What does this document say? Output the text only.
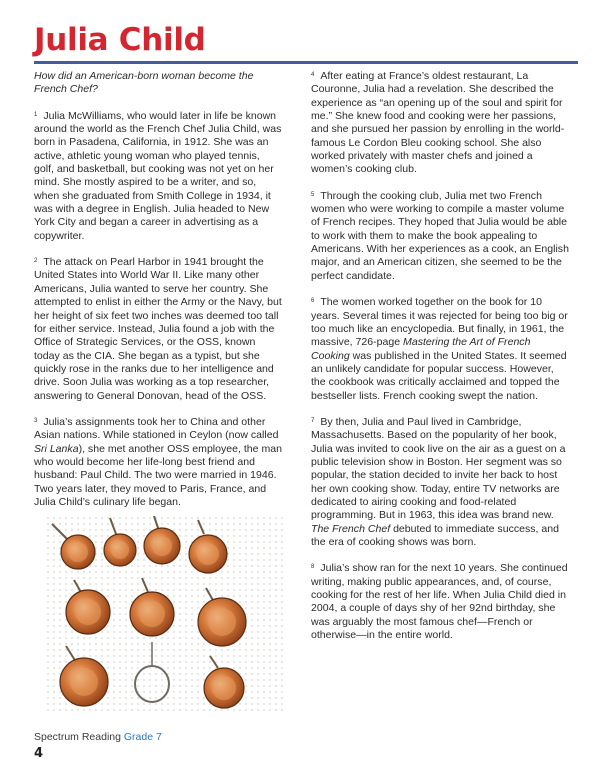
Julia Child

How did an American-born woman become the French Chef?

$^1$ Julia McWilliams, who would later in life be known around the world as the French Chef Julia Child, was born in Pasadena, California, in 1912. She was an active, athletic young woman who played tennis, golf, and basketball, but cooking was not yet on her mind. She mostly aspired to be a writer, and so, when she graduated from Smith College in 1934, it was with a degree in English. Julia headed to New York City and began a career in advertising as a copywriter.

$^2$ The attack on Pearl Harbor in 1941 brought the United States into World War II. Like many other Americans, Julia wanted to serve her country. She attempted to enlist in either the Army or the Navy, but her height of six feet two inches was deemed too tall for either service. Instead, Julia found a job with the Office of Strategic Services, or the OSS, known today as the CIA. She began as a typist, but she quickly rose in the ranks due to her intelligence and drive. Soon Julia was working as a top researcher, answering to General Donovan, head of the OSS.

$^3$ Julia’s assignments took her to China and other Asian nations. While stationed in Ceylon (now called Sri Lanka), she met another OSS employee, the man who would become her life-long best friend and husband: Paul Child. The two were married in 1946. Two years later, they moved to Paris, France, and Julia Child’s culinary life began.

$^4$ After eating at France’s oldest restaurant, La Couronne, Julia had a revelation. She described the experience as “an opening up of the soul and spirit for me.” She knew food and cooking were her passions, and she pursued her passion by enrolling in the world-famous Le Cordon Bleu cooking school. She also worked privately with master chefs and joined a women’s cooking club.

$^5$ Through the cooking club, Julia met two French women who were working to compile a master volume of French recipes. They hoped that Julia would be able to work with them to make the book appealing to Americans. With her experiences as a cook, an English major, and an American citizen, she seemed to be the perfect candidate.

$^6$ The women worked together on the book for 10 years. Several times it was rejected for being too big or too much like an encyclopedia. But finally, in 1961, the massive, 726-page Mastering the Art of French Cooking was published in the United States. It seemed an unlikely candidate for popular success. However, the cookbook was critically acclaimed and topped the bestseller lists. French cooking swept the nation.

$^7$ By then, Julia and Paul lived in Cambridge, Massachusetts. Based on the popularity of her book, Julia was invited to cook live on the air as a guest on a public television show in Boston. Her segment was so popular, the station decided to invite her back to host her own cooking show. Today, entire TV networks are dedicated to airing cooking and food-related programming. But in 1963, this idea was brand new. The French Chef debuted to immediate success, and the era of cooking shows was born.

$^8$ Julia’s show ran for the next 10 years. She continued writing, making public appearances, and, of course, cooking for the rest of her life. When Julia Child died in 2004, a couple of days shy of her 92nd birthday, she was arguably the most famous chef—French or otherwise—in the entire world.

Spectrum Reading Grade 7
4
